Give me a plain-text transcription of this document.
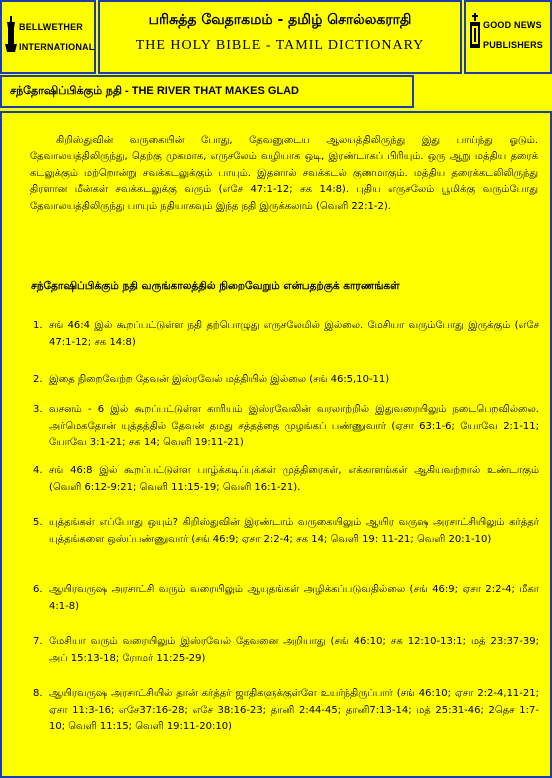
BELLWETHER
INTERNATIONAL
பரிசுத்த வேதாகமம் - தமிழ் சொல்லகராதி
THE HOLY BIBLE - TAMIL DICTIONARY
GOOD NEWS
PUBLISHERS
சந்தோஷிப்பிக்கும் நதி - THE RIVER THAT MAKES GLAD
கிறிஸ்துவின் வருகையின் போது, தேவனுடைய ஆலயத்திலிருந்து இது பாய்ந்து ஓடும். தேவாலயத்திலிருந்து, தெற்கு முகமாக, எருசலேம் வழியாக ஒடி, இரண்டாகப் பிரியும். ஒரு ஆறு மத்திய தரைக் கடலுக்கும் மற்றொன்று சவக்கடலுக்கும் பாயும். இதனால் சவக்கடல் குணமாகும். மத்திய தரைக்கடலிலிருந்து திரளான மீன்கள் சவக்கடலுக்கு வரும் (எசே 47:1-12; சக 14:8). புதிய எருசலேம் பூமிக்கு வரும்போது தேவாலயத்திலிருந்து பாயும் நதியாகவும் இந்த நதி இருக்கலாம் (வெளி 22:1-2).
சந்தோஷிப்பிக்கும் நதி வருங்காலத்தில் நிறைவேறும் என்பதற்குக் காரணங்கள்
1. சங் 46:4 இல் கூறப்பட்டுள்ள நதி தற்பொழுது எருசலேமில் இல்லை. மேசியா வரும்போது இருக்கும் (எசே 47:1-12; சக 14:8)
2. இதை நிறைவேற்ற தேவன் இஸ்ரவேல் மத்தியில் இல்லை (சங் 46:5,10-11)
3. வசனம் - 6 இல் கூறப்பட்டுள்ள காரியம் இஸ்ரவேலின் வரலாற்றில் இதுவரையிலும் நடைபெறவில்லை. அர்மெகதோன் யுத்தத்தில் தேவன் தமது சத்தத்தை முழங்கப் பண்ணுவார் (ஏசா 63:1-6; யோவே 2:1-11; யோவே 3:1-21; சக 14; வெளி 19:11-21)
4. சங் 46:8 இல் கூறப்பட்டுள்ள பாழ்க்கடிப்புக்கள் முத்திரைகள், எக்காளங்கள் ஆகியவற்றால் உண்டாகும் (வெளி 6:12-9:21; வெளி 11:15-19; வெளி 16:1-21).
5. யுத்தங்கள் எப்போது ஒயும்? கிறிஸ்துவின் இரண்டாம் வருகையிலும் ஆயிர வருஷ அரசாட்சியிலும் கர்த்தர் யுத்தங்களை ஒஸ்ப்பண்ணுவார் (சங் 46:9; ஏசா 2:2-4; சக 14; வெளி 19: 11-21; வெளி 20:1-10)
6. ஆயிரவருஷ அரசாட்சி வரும் வரையிலும் ஆயுதங்கள் அழிக்கப்படுவதில்லை (சங் 46:9; ஏசா 2:2-4; மீகா 4:1-8)
7. மேசியா வரும் வரையிலும் இஸ்ரவேல் தேவனை அறியாது (சங் 46:10; சக 12:10-13:1; மத் 23:37-39; அப் 15:13-18; ரோமர் 11:25-29)
8. ஆயிரவருஷ அரசாட்சியில் தான் கர்த்தர் ஜாதிகளுக்குள்ளே உயர்ந்திருப்பார் (சங் 46:10; ஏசா 2:2-4,11-21; ஏசா 11:3-16; எசே37:16-28; எசே 38:16-23; தானி 2:44-45; தானி7:13-14; மத் 25:31-46; 2தெச 1:7-10; வெளி 11:15; வெளி 19:11-20:10)
